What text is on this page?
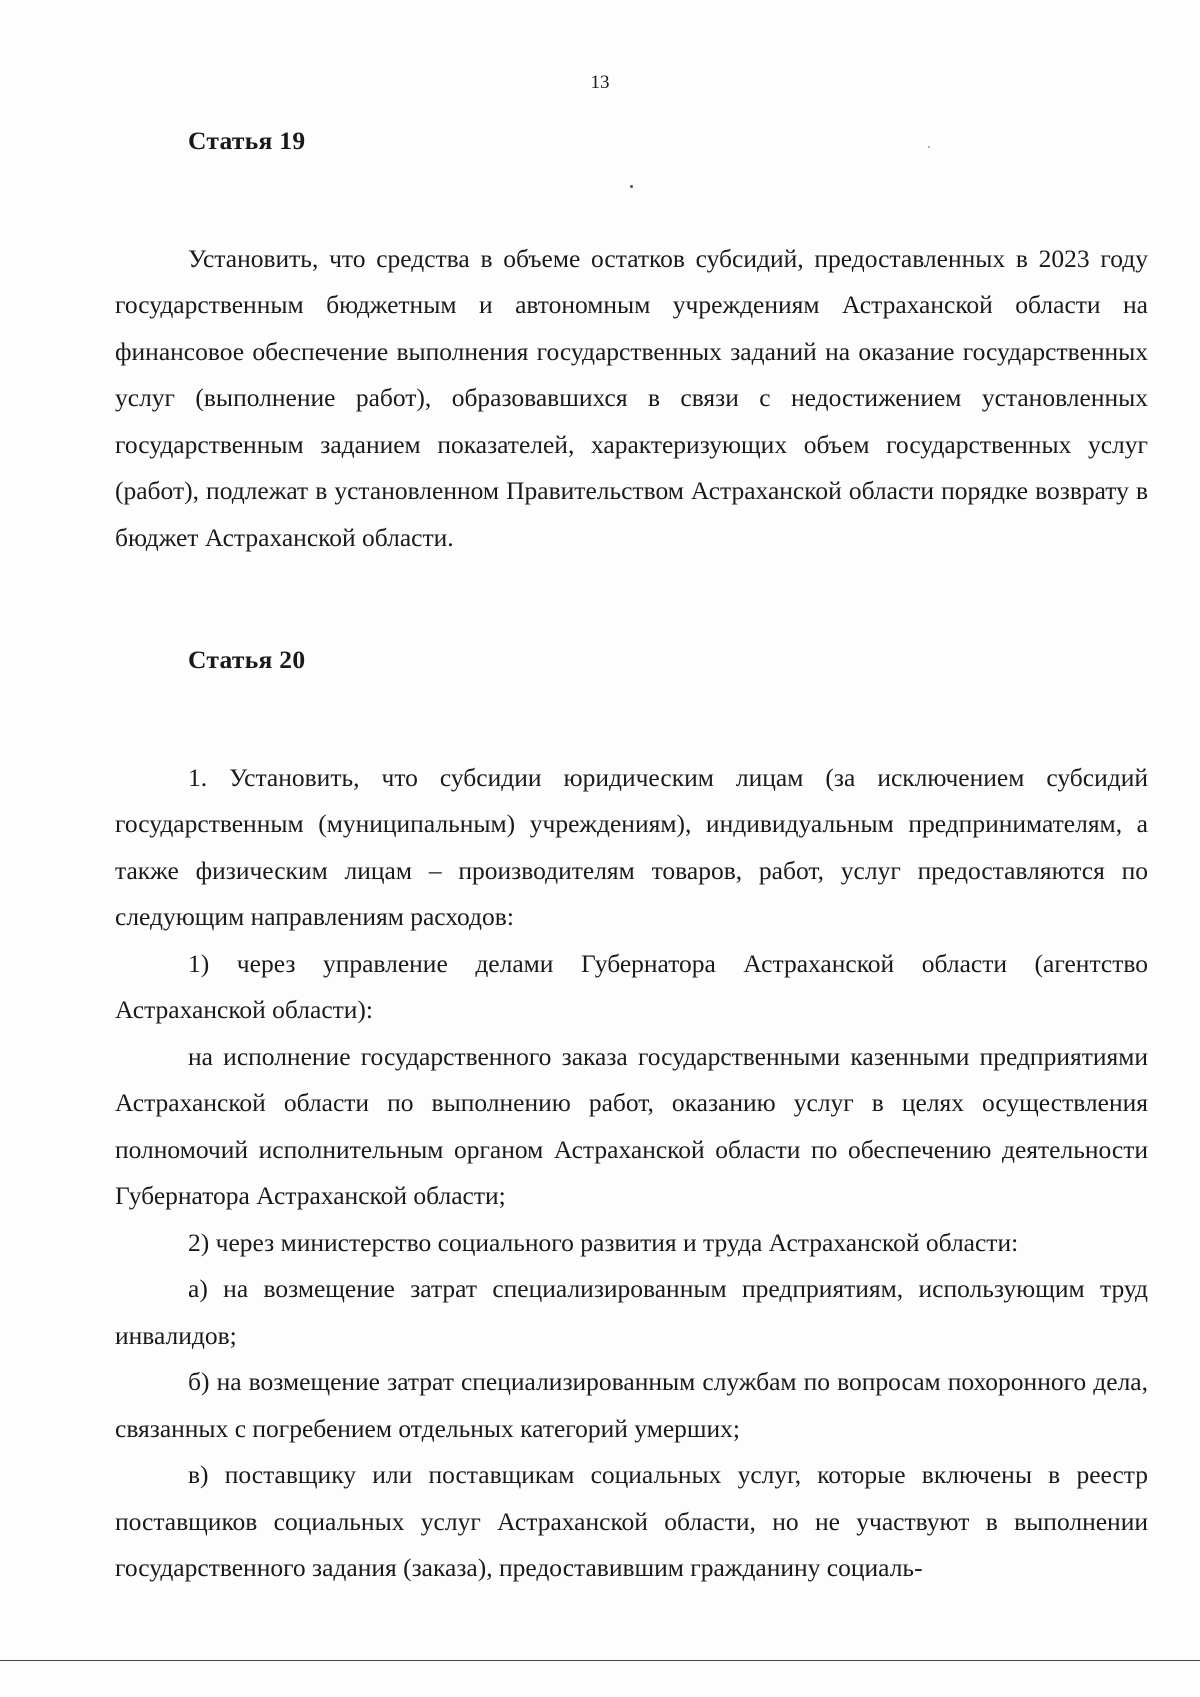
13
Статья 19

Установить, что средства в объеме остатков субсидий, предоставленных в 2023 году государственным бюджетным и автономным учреждениям Астраханской области на финансовое обеспечение выполнения государственных заданий на оказание государственных услуг (выполнение работ), образовавшихся в связи с недостижением установленных государственным заданием показателей, характеризующих объем государственных услуг (работ), подлежат в установленном Правительством Астраханской области порядке возврату в бюджет Астраханской области.

Статья 20

1. Установить, что субсидии юридическим лицам (за исключением субсидий государственным (муниципальным) учреждениям), индивидуальным предпринимателям, а также физическим лицам – производителям товаров, работ, услуг предоставляются по следующим направлениям расходов:

1) через управление делами Губернатора Астраханской области (агентство Астраханской области):

на исполнение государственного заказа государственными казенными предприятиями Астраханской области по выполнению работ, оказанию услуг в целях осуществления полномочий исполнительным органом Астраханской области по обеспечению деятельности Губернатора Астраханской области;

2) через министерство социального развития и труда Астраханской области:

а) на возмещение затрат специализированным предприятиям, использующим труд инвалидов;

б) на возмещение затрат специализированным службам по вопросам похоронного дела, связанных с погребением отдельных категорий умерших;

в) поставщику или поставщикам социальных услуг, которые включены в реестр поставщиков социальных услуг Астраханской области, но не участвуют в выполнении государственного задания (заказа), предоставившим гражданину социаль-
